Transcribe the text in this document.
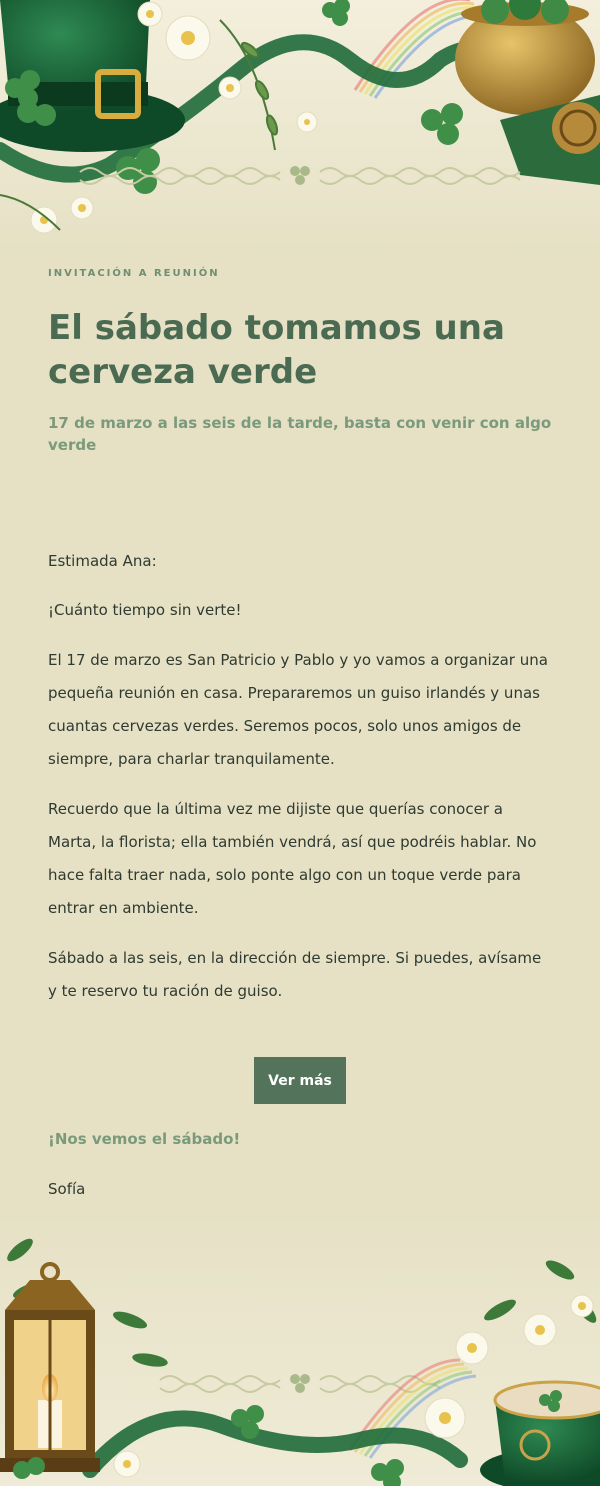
INVITACIÓN A REUNIÓN
El sábado tomamos una cerveza verde

17 de marzo a las seis de la tarde, basta con venir con algo verde

Estimada Ana:

¡Cuánto tiempo sin verte!

El 17 de marzo es San Patricio y Pablo y yo vamos a organizar una pequeña reunión en casa. Prepararemos un guiso irlandés y unas cuantas cervezas verdes. Seremos pocos, solo unos amigos de siempre, para charlar tranquilamente.

Recuerdo que la última vez me dijiste que querías conocer a Marta, la florista; ella también vendrá, así que podréis hablar. No hace falta traer nada, solo ponte algo con un toque verde para entrar en ambiente.

Sábado a las seis, en la dirección de siempre. Si puedes, avísame y te reservo tu ración de guiso.

Ver más

¡Nos vemos el sábado!

Sofía
